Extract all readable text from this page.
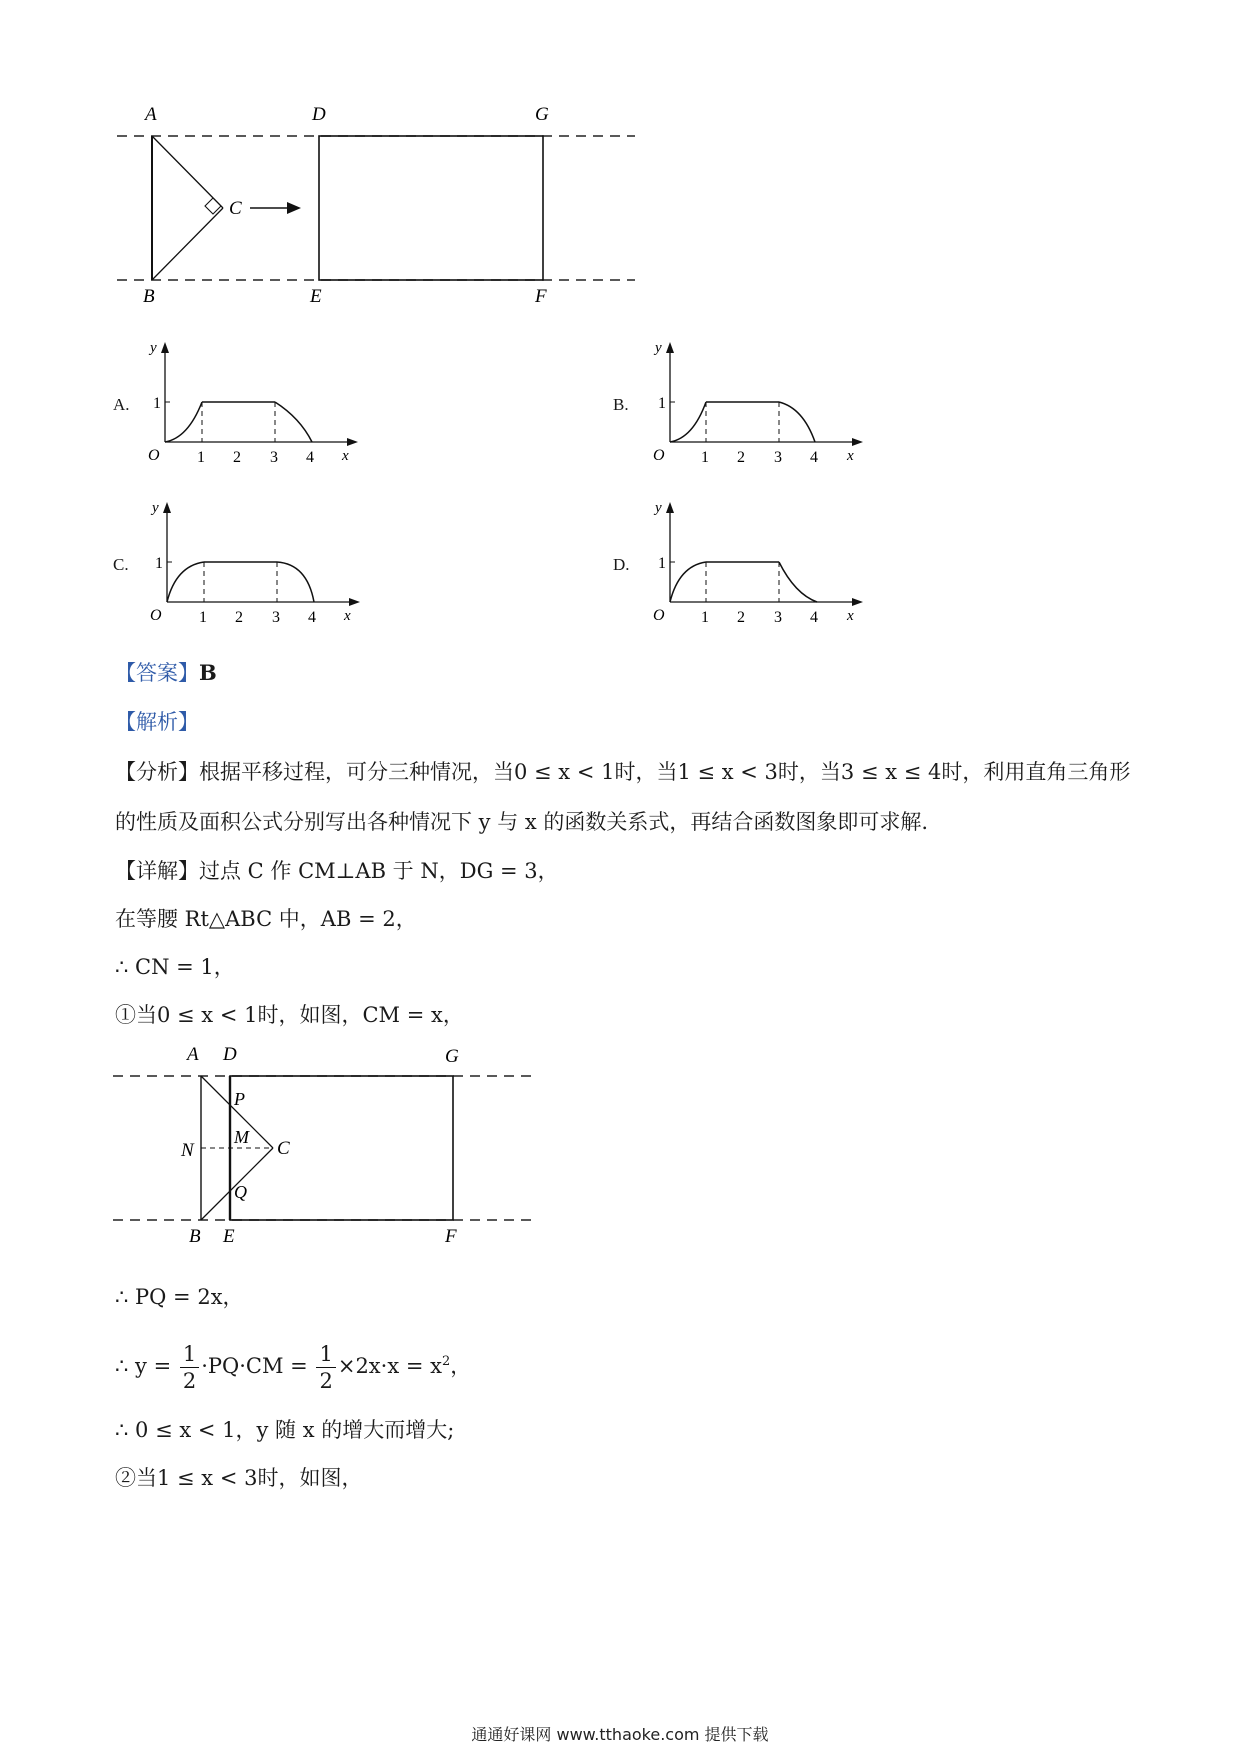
A
B
C
D
E
G
F
A.
y
1
O 1 2 3 4 x
B.
y
1
O 1 2 3 4 x
C.
y
1
O 1 2 3 4 x
D.
y
1
O 1 2 3 4 x
【答案】B
【解析】
【分析】根据平移过程，可分三种情况，当0 ≤ x < 1时，当1 ≤ x < 3时，当3 ≤ x ≤ 4时，利用直角三角形
的性质及面积公式分别写出各种情况下 y 与 x 的函数关系式，再结合函数图象即可求解.
【详解】过点 C 作 CM⊥AB 于 N，DG = 3，
在等腰 Rt△ABC 中，AB = 2，
∴ CN = 1，
①当0 ≤ x < 1时，如图，CM = x，
A D	G
P
N
M
C
Q
B E	F
∴ PQ = 2x，
∴ $y = \frac{1}{2} \cdot PQ\cdot CM = \frac{1}{2} \times 2x\cdot x = x^2$，
∴ 0 ≤ x < 1，y 随 x 的增大而增大;
②当1 ≤ x < 3时，如图，
通通好课网 www.tthaoke.com 提供下载
